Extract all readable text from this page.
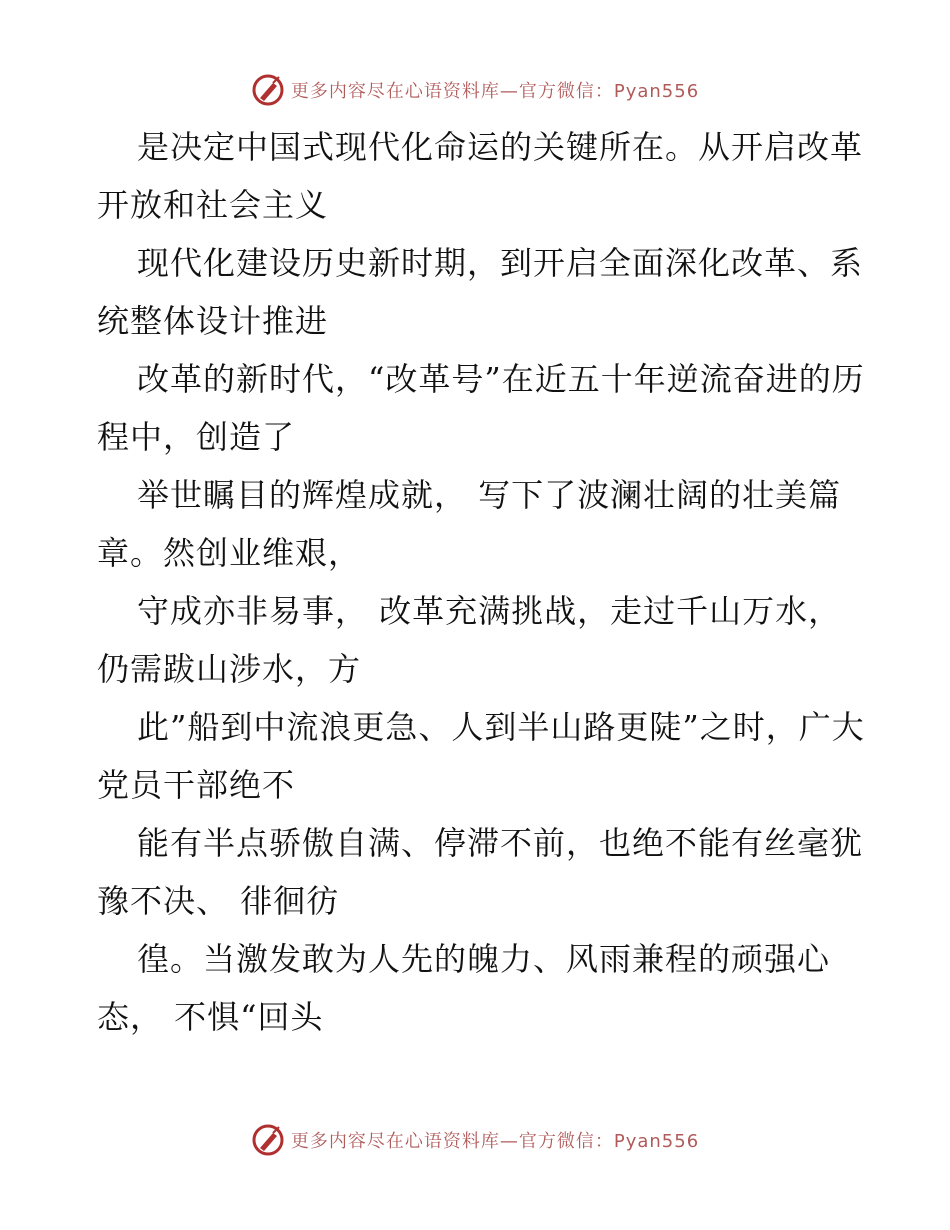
更多内容尽在心语资料库—官方微信：Pyan556

是决定中国式现代化命运的关键所在。从开启改革开放和社会主义

现代化建设历史新时期，到开启全面深化改革、系统整体设计推进

改革的新时代，“改革号”在近五十年逆流奋进的历程中，创造了

举世瞩目的辉煌成就， 写下了波澜壮阔的壮美篇章。然创业维艰，

守成亦非易事， 改革充满挑战，走过千山万水，仍需跋山涉水，方

此”船到中流浪更急、人到半山路更陡”之时，广大党员干部绝不

能有半点骄傲自满、停滞不前，也绝不能有丝毫犹豫不决、 徘徊彷

徨。当激发敢为人先的魄力、风雨兼程的顽强心态， 不惧“回头

更多内容尽在心语资料库—官方微信：Pyan556
